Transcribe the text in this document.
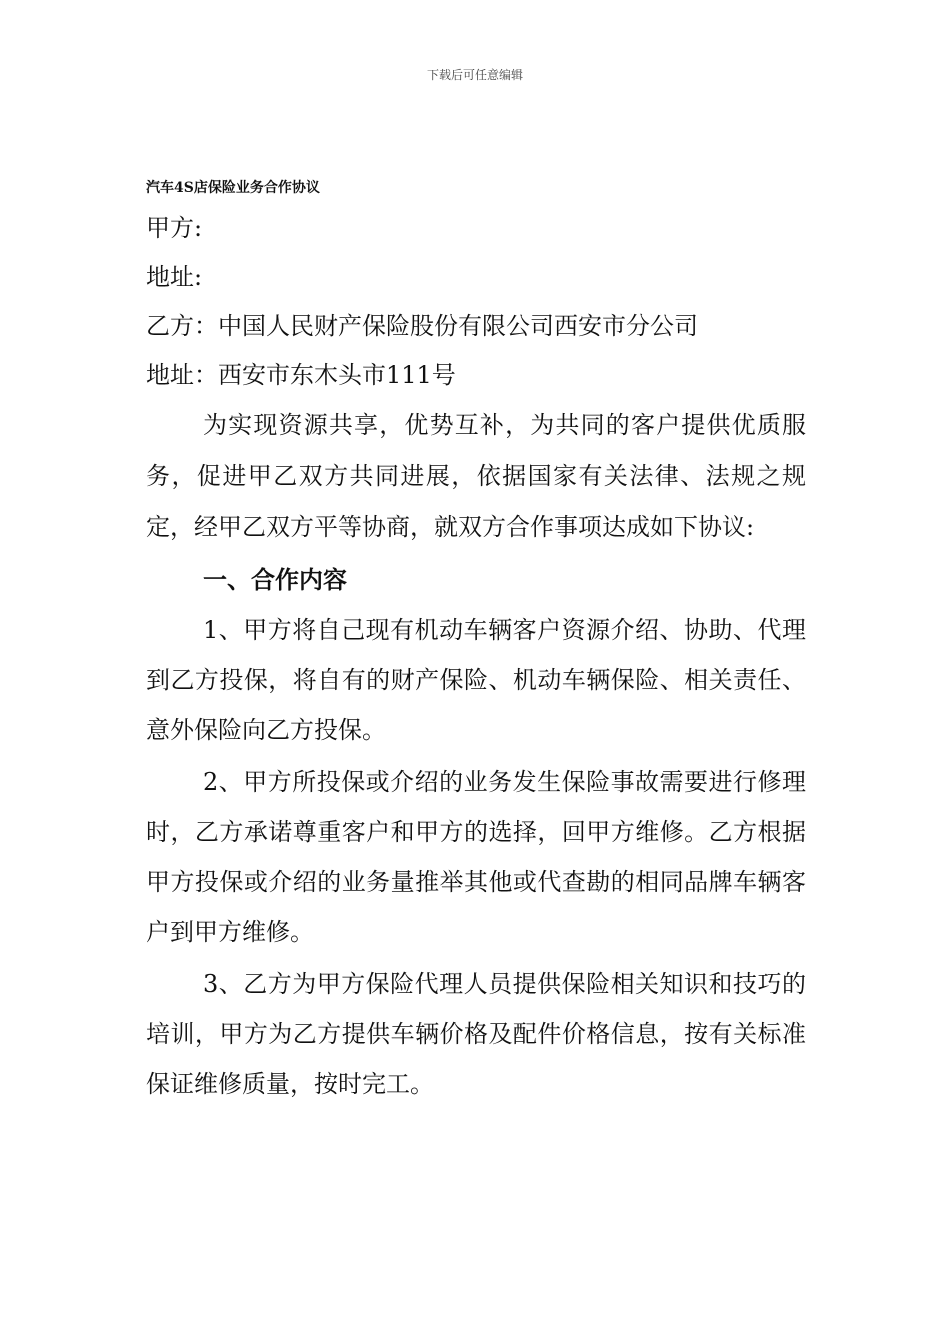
下载后可任意编辑
汽车4S店保险业务合作协议

甲方:

地址:

乙方：中国人民财产保险股份有限公司西安市分公司

地址：西安市东木头市111号

为实现资源共享，优势互补，为共同的客户提供优质服务，促进甲乙双方共同进展，依据国家有关法律、法规之规定，经甲乙双方平等协商，就双方合作事项达成如下协议:

一、合作内容

1、甲方将自己现有机动车辆客户资源介绍、协助、代理到乙方投保，将自有的财产保险、机动车辆保险、相关责任、意外保险向乙方投保。

2、甲方所投保或介绍的业务发生保险事故需要进行修理时，乙方承诺尊重客户和甲方的选择，回甲方维修。乙方根据甲方投保或介绍的业务量推举其他或代查勘的相同品牌车辆客户到甲方维修。

3、乙方为甲方保险代理人员提供保险相关知识和技巧的培训，甲方为乙方提供车辆价格及配件价格信息，按有关标准保证维修质量，按时完工。
